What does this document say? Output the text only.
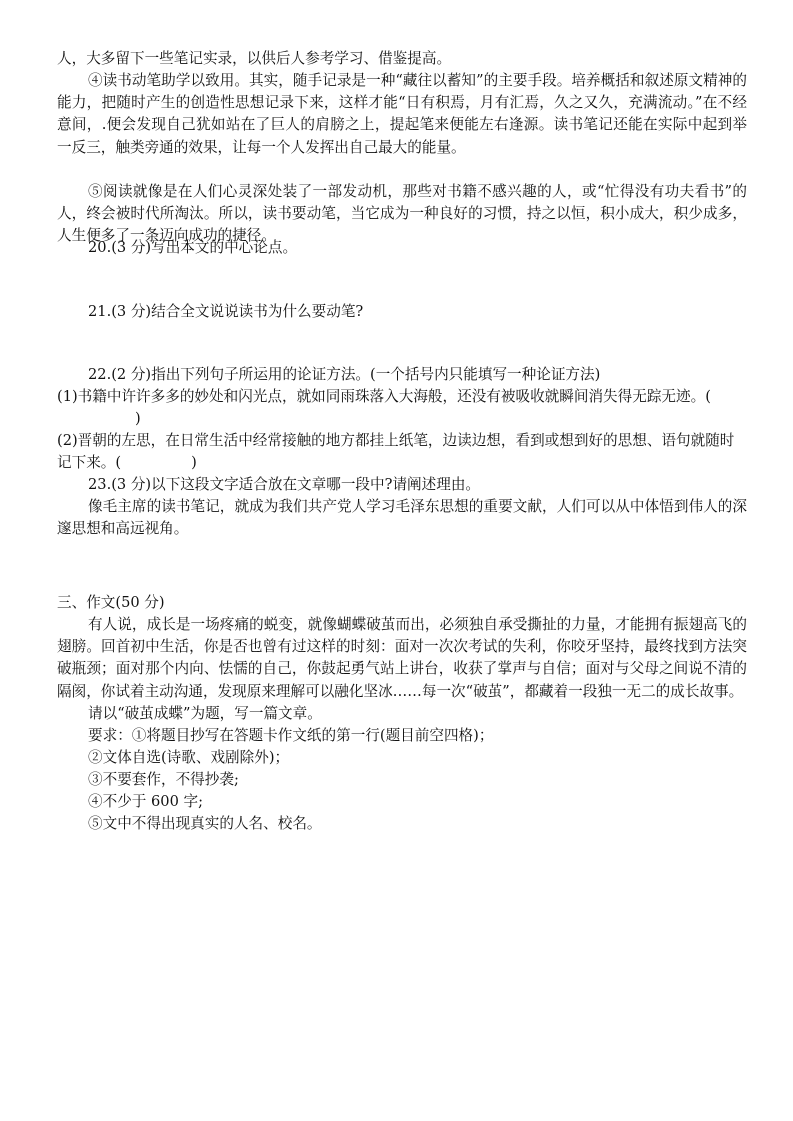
人，大多留下一些笔记实录，以供后人参考学习、借鉴提高。

④读书动笔助学以致用。其实，随手记录是一种“藏往以蓄知”的主要手段。培养概括和叙述原文精神的能力，把随时产生的创造性思想记录下来，这样才能“日有积焉，月有汇焉，久之又久，充满流动。”在不经意间，.便会发现自己犹如站在了巨人的肩膀之上，提起笔来便能左右逢源。读书笔记还能在实际中起到举一反三，触类旁通的效果，让每一个人发挥出自己最大的能量。

⑤阅读就像是在人们心灵深处装了一部发动机，那些对书籍不感兴趣的人，或“忙得没有功夫看书”的人，终会被时代所淘汰。所以，读书要动笔，当它成为一种良好的习惯，持之以恒，积小成大，积少成多，人生便多了一条迈向成功的捷径。

20.(3 分)写出本文的中心论点。

21.(3 分)结合全文说说读书为什么要动笔?

22.(2 分)指出下列句子所运用的论证方法。(一个括号内只能填写一种论证方法)

(1)书籍中许许多多的妙处和闪光点，就如同雨珠落入大海般，还没有被吸收就瞬间消失得无踪无迹。()

(2)晋朝的左思，在日常生活中经常接触的地方都挂上纸笔，边读边想，看到或想到好的思想、语句就随时记下来。(	)

23.(3 分)以下这段文字适合放在文章哪一段中?请阐述理由。

像毛主席的读书笔记，就成为我们共产党人学习毛泽东思想的重要文献，人们可以从中体悟到伟人的深邃思想和高远视角。

三、作文(50 分)

有人说，成长是一场疼痛的蜕变，就像蝴蝶破茧而出，必须独自承受撕扯的力量，才能拥有振翅高飞的翅膀。回首初中生活，你是否也曾有过这样的时刻：面对一次次考试的失利，你咬牙坚持，最终找到方法突破瓶颈；面对那个内向、怯懦的自己，你鼓起勇气站上讲台，收获了掌声与自信；面对与父母之间说不清的隔阂，你试着主动沟通，发现原来理解可以融化坚冰……每一次“破茧”，都藏着一段独一无二的成长故事。

请以“破茧成蝶”为题，写一篇文章。

要求：①将题目抄写在答题卡作文纸的第一行(题目前空四格)；

②文体自选(诗歌、戏剧除外)；

③不要套作，不得抄袭;

④不少于 600 字;

⑤文中不得出现真实的人名、校名。
